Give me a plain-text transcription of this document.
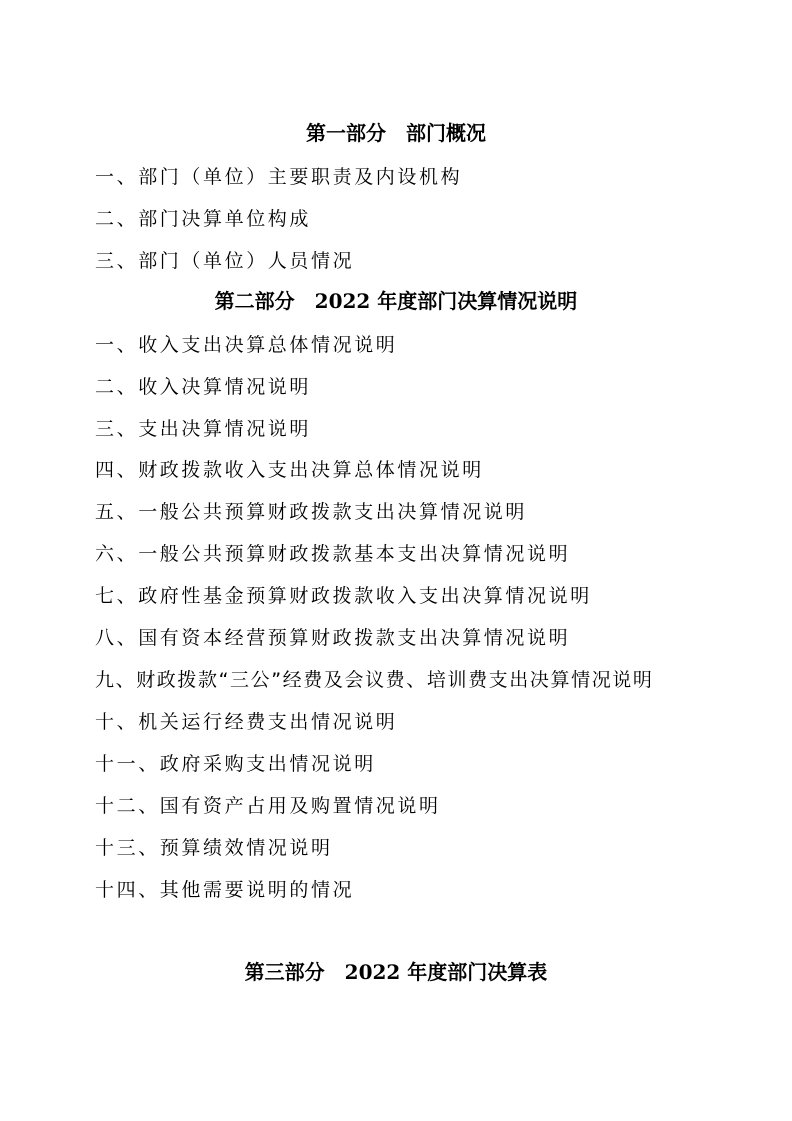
第一部分　部门概况
一、部门（单位）主要职责及内设机构
二、部门决算单位构成
三、部门（单位）人员情况
第二部分　2022 年度部门决算情况说明
一、收入支出决算总体情况说明
二、收入决算情况说明
三、支出决算情况说明
四、财政拨款收入支出决算总体情况说明
五、一般公共预算财政拨款支出决算情况说明
六、一般公共预算财政拨款基本支出决算情况说明
七、政府性基金预算财政拨款收入支出决算情况说明
八、国有资本经营预算财政拨款支出决算情况说明
九、财政拨款“三公”经费及会议费、培训费支出决算情况说明
十、机关运行经费支出情况说明
十一、政府采购支出情况说明
十二、国有资产占用及购置情况说明
十三、预算绩效情况说明
十四、其他需要说明的情况
第三部分　2022 年度部门决算表
